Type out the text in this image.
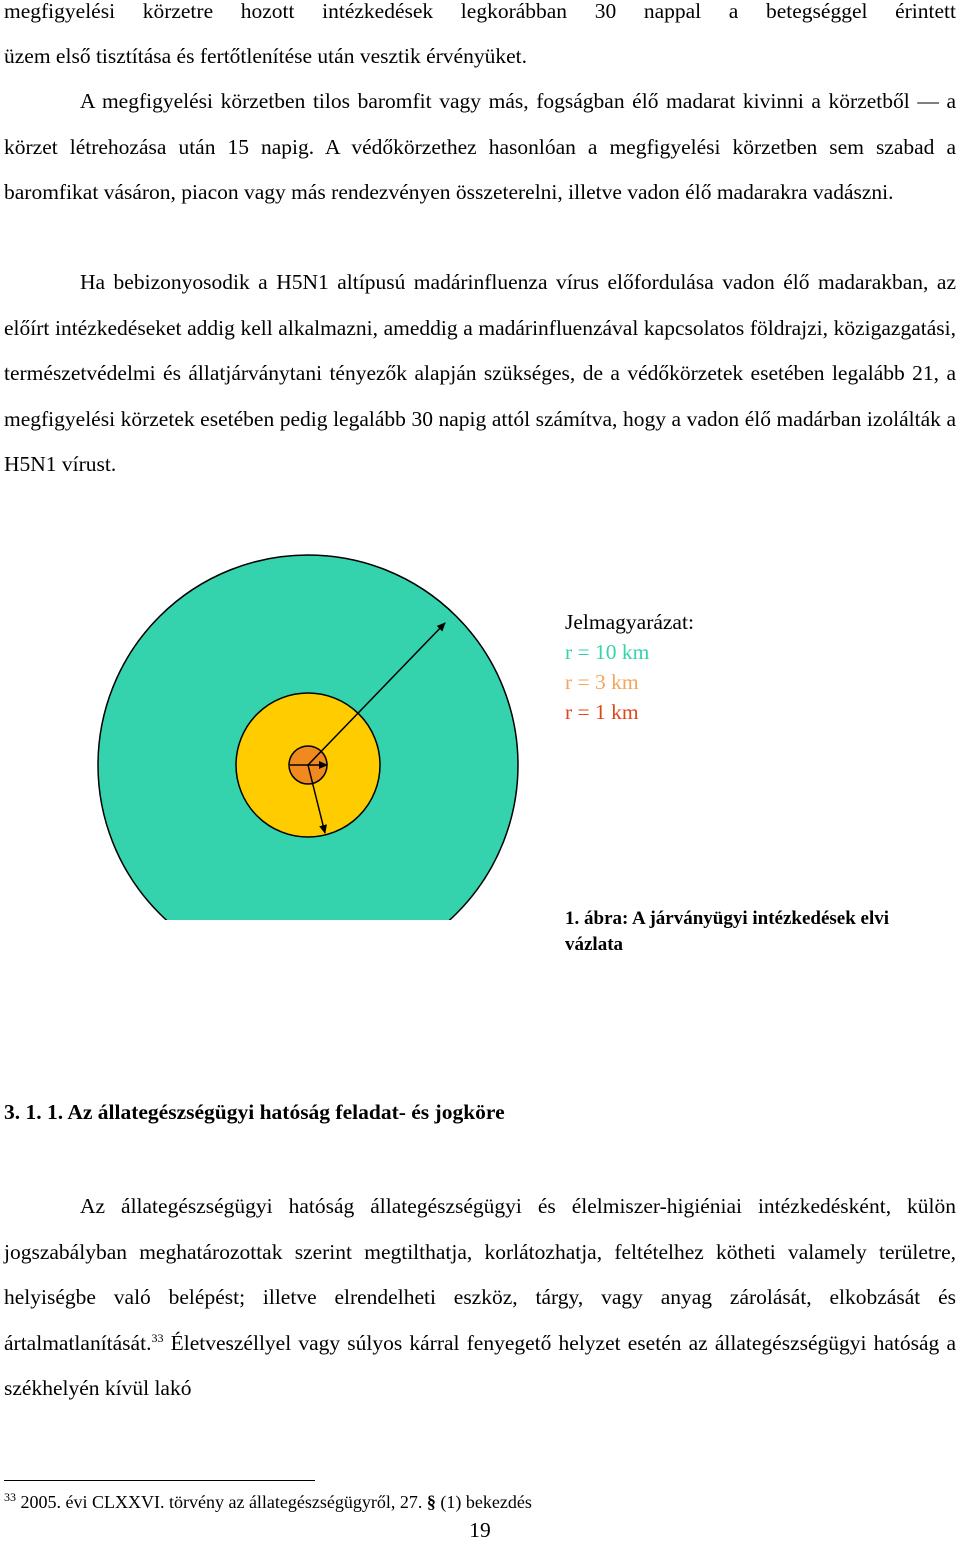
megfigyelési körzetre hozott intézkedések legkorábban 30 nappal a betegséggel érintett

üzem első tisztítása és fertőtlenítése után vesztik érvényüket.

A megfigyelési körzetben tilos baromfit vagy más, fogságban élő madarat kivinni a körzetből — a körzet létrehozása után 15 napig. A védőkörzethez hasonlóan a megfigyelési körzetben sem szabad a baromfikat vásáron, piacon vagy más rendezvényen összeterelni, illetve vadon élő madarakra vadászni.

Ha bebizonyosodik a H5N1 altípusú madárinfluenza vírus előfordulása vadon élő madarakban, az előírt intézkedéseket addig kell alkalmazni, ameddig a madárinfluenzával kapcsolatos földrajzi, közigazgatási, természetvédelmi és állatjárványtani tényezők alapján szükséges, de a védőkörzetek esetében legalább 21, a megfigyelési körzetek esetében pedig legalább 30 napig attól számítva, hogy a vadon élő madárban izolálták a H5N1 vírust.

Jelmagyarázat:
r = 10 km
r = 3 km
r = 1 km
1. ábra: A járványügyi intézkedések elvi vázlata
3. 1. 1. Az állategészségügyi hatóság feladat- és jogköre

Az állategészségügyi hatóság állategészségügyi és élelmiszer-higiéniai intézkedésként, külön jogszabályban meghatározottak szerint megtilthatja, korlátozhatja, feltételhez kötheti valamely területre, helyiségbe való belépést; illetve elrendelheti eszköz, tárgy, vagy anyag zárolását, elkobzását és ártalmatlanítását.$^{33}$ Életveszéllyel vagy súlyos kárral fenyegető helyzet esetén az állategészségügyi hatóság a székhelyén kívül lakó

$^{33}$ 2005. évi CLXXVI. törvény az állategészségügyről, 27. § (1) bekezdés
19
